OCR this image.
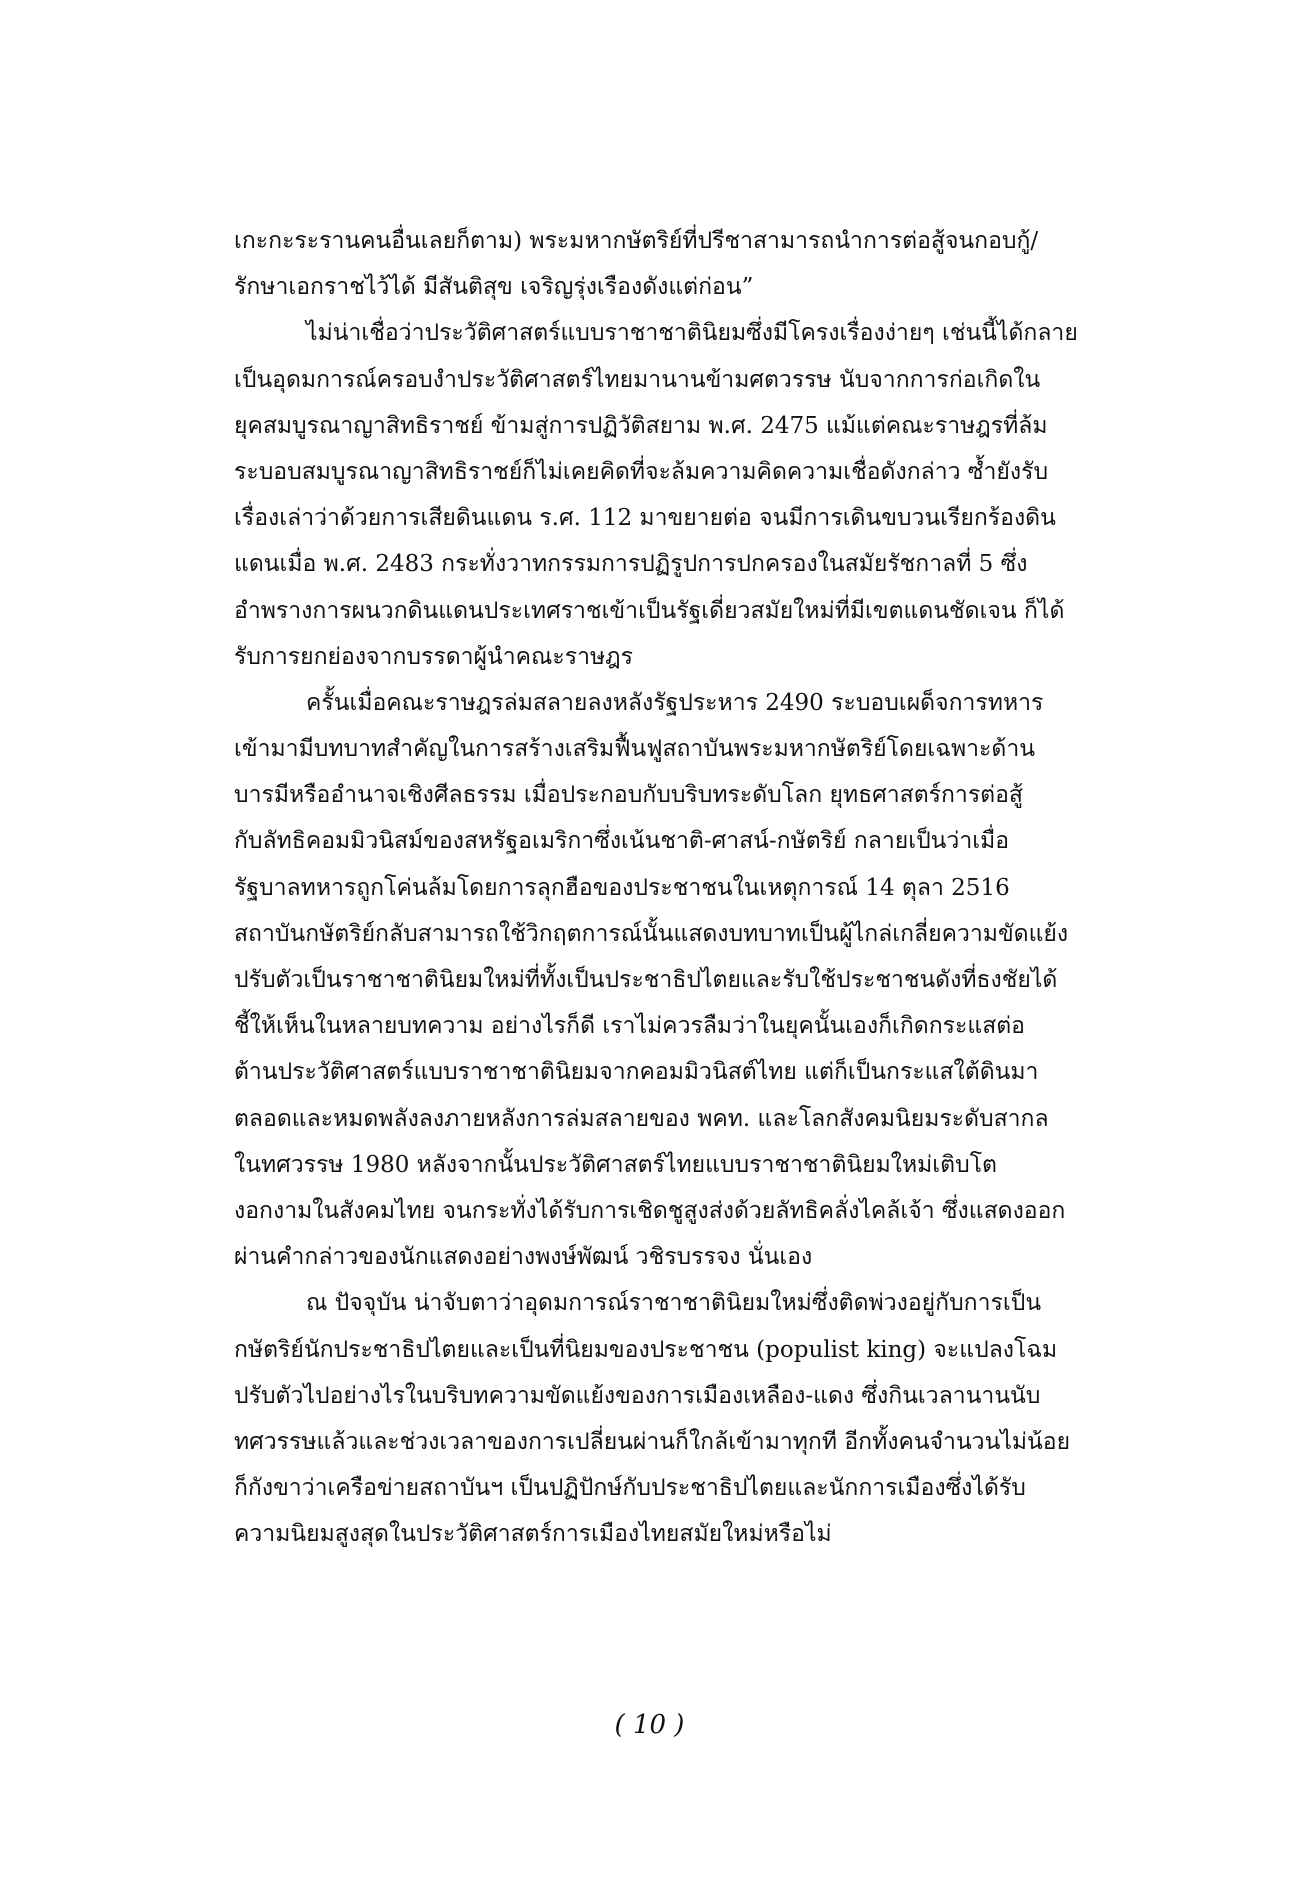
เกะกะระรานคนอื่นเลยก็ตาม) พระมหากษัตริย์ที่ปรีชาสามารถนำการต่อสู้จนกอบกู้/
รักษาเอกราชไว้ได้ มีสันติสุข เจริญรุ่งเรืองดังแต่ก่อน”
ไม่น่าเชื่อว่าประวัติศาสตร์แบบราชาชาตินิยมซึ่งมีโครงเรื่องง่ายๆ เช่นนี้ได้กลาย
เป็นอุดมการณ์ครอบงำประวัติศาสตร์ไทยมานานข้ามศตวรรษ นับจากการก่อเกิดใน
ยุคสมบูรณาญาสิทธิราชย์ ข้ามสู่การปฏิวัติสยาม พ.ศ. 2475 แม้แต่คณะราษฎรที่ล้ม
ระบอบสมบูรณาญาสิทธิราชย์ก็ไม่เคยคิดที่จะล้มความคิดความเชื่อดังกล่าว ซ้ำยังรับ
เรื่องเล่าว่าด้วยการเสียดินแดน ร.ศ. 112 มาขยายต่อ จนมีการเดินขบวนเรียกร้องดิน
แดนเมื่อ พ.ศ. 2483 กระทั่งวาทกรรมการปฏิรูปการปกครองในสมัยรัชกาลที่ 5 ซึ่ง
อำพรางการผนวกดินแดนประเทศราชเข้าเป็นรัฐเดี่ยวสมัยใหม่ที่มีเขตแดนชัดเจน ก็ได้
รับการยกย่องจากบรรดาผู้นำคณะราษฎร
ครั้นเมื่อคณะราษฎรล่มสลายลงหลังรัฐประหาร 2490 ระบอบเผด็จการทหาร
เข้ามามีบทบาทสำคัญในการสร้างเสริมฟื้นฟูสถาบันพระมหากษัตริย์โดยเฉพาะด้าน
บารมีหรืออำนาจเชิงศีลธรรม เมื่อประกอบกับบริบทระดับโลก ยุทธศาสตร์การต่อสู้
กับลัทธิคอมมิวนิสม์ของสหรัฐอเมริกาซึ่งเน้นชาติ-ศาสน์-กษัตริย์ กลายเป็นว่าเมื่อ
รัฐบาลทหารถูกโค่นล้มโดยการลุกฮือของประชาชนในเหตุการณ์ 14 ตุลา 2516
สถาบันกษัตริย์กลับสามารถใช้วิกฤตการณ์นั้นแสดงบทบาทเป็นผู้ไกล่เกลี่ยความขัดแย้ง
ปรับตัวเป็นราชาชาตินิยมใหม่ที่ทั้งเป็นประชาธิปไตยและรับใช้ประชาชนดังที่ธงชัยได้
ชี้ให้เห็นในหลายบทความ อย่างไรก็ดี เราไม่ควรลืมว่าในยุคนั้นเองก็เกิดกระแสต่อ
ต้านประวัติศาสตร์แบบราชาชาตินิยมจากคอมมิวนิสต์ไทย แต่ก็เป็นกระแสใต้ดินมา
ตลอดและหมดพลังลงภายหลังการล่มสลายของ พคท. และโลกสังคมนิยมระดับสากล
ในทศวรรษ 1980 หลังจากนั้นประวัติศาสตร์ไทยแบบราชาชาตินิยมใหม่เติบโต
งอกงามในสังคมไทย จนกระทั่งได้รับการเชิดชูสูงส่งด้วยลัทธิคลั่งไคล้เจ้า ซึ่งแสดงออก
ผ่านคำกล่าวของนักแสดงอย่างพงษ์พัฒน์ วชิรบรรจง นั่นเอง
ณ ปัจจุบัน น่าจับตาว่าอุดมการณ์ราชาชาตินิยมใหม่ซึ่งติดพ่วงอยู่กับการเป็น
กษัตริย์นักประชาธิปไตยและเป็นที่นิยมของประชาชน (populist king) จะแปลงโฉม
ปรับตัวไปอย่างไรในบริบทความขัดแย้งของการเมืองเหลือง-แดง ซึ่งกินเวลานานนับ
ทศวรรษแล้วและช่วงเวลาของการเปลี่ยนผ่านก็ใกล้เข้ามาทุกที อีกทั้งคนจำนวนไม่น้อย
ก็กังขาว่าเครือข่ายสถาบันฯ เป็นปฏิปักษ์กับประชาธิปไตยและนักการเมืองซึ่งได้รับ
ความนิยมสูงสุดในประวัติศาสตร์การเมืองไทยสมัยใหม่หรือไม่
( 10 )
